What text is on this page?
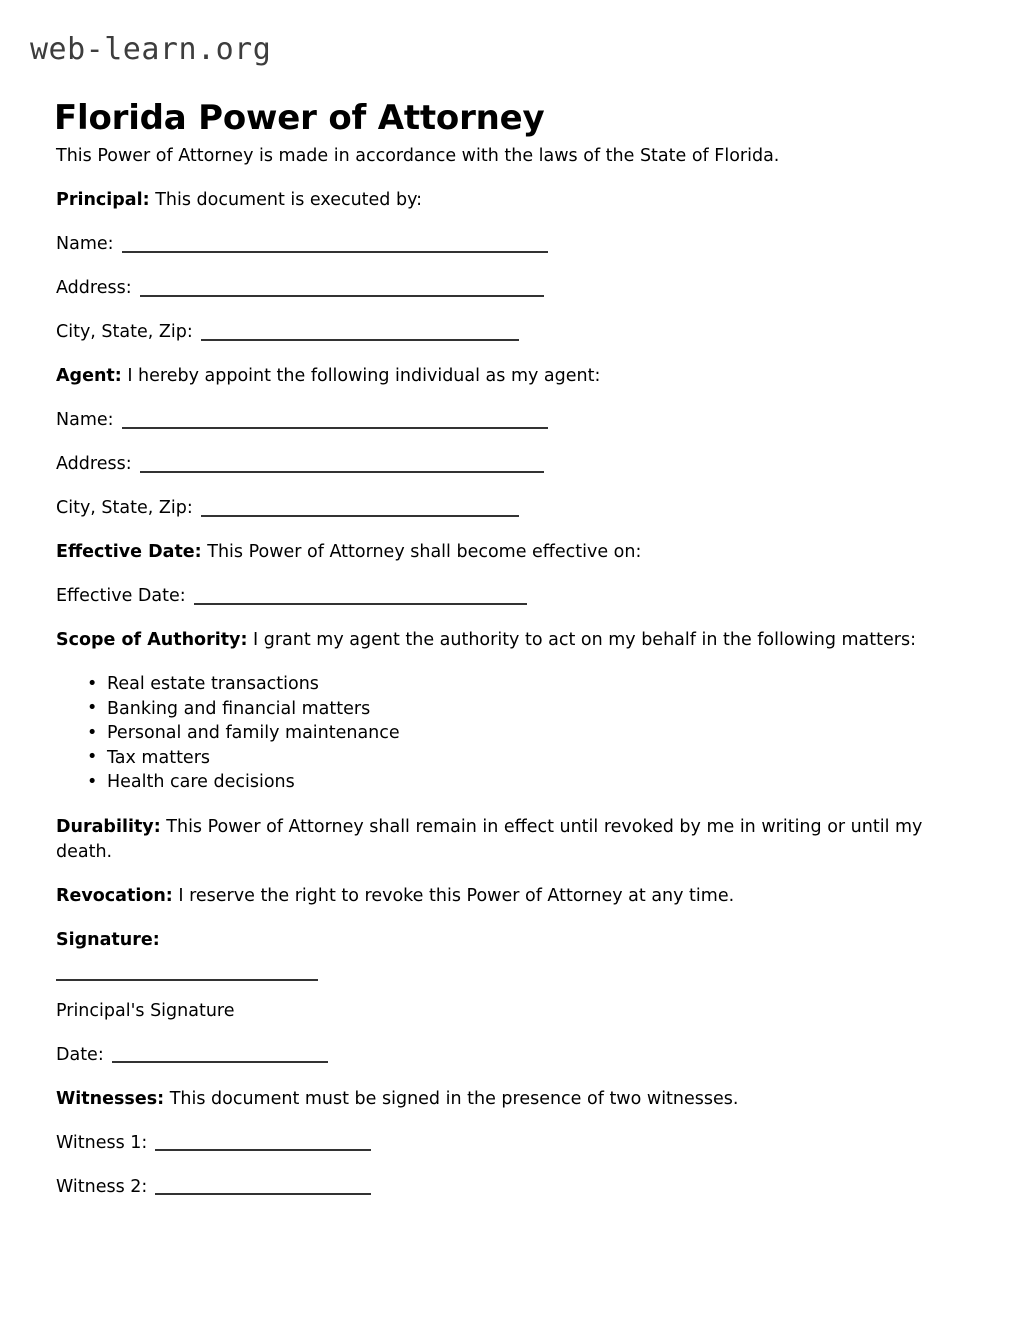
web-learn.org
Florida Power of Attorney

This Power of Attorney is made in accordance with the laws of the State of Florida.

Principal: This document is executed by:

Name:
Address:
City, State, Zip:

Agent: I hereby appoint the following individual as my agent:

Name:
Address:
City, State, Zip:

Effective Date: This Power of Attorney shall become effective on:

Effective Date:

Scope of Authority: I grant my agent the authority to act on my behalf in the following matters:

• Real estate transactions
• Banking and financial matters
• Personal and family maintenance
• Tax matters
• Health care decisions

Durability: This Power of Attorney shall remain in effect until revoked by me in writing or until my death.

Revocation: I reserve the right to revoke this Power of Attorney at any time.

Signature:

Principal's Signature

Date:

Witnesses: This document must be signed in the presence of two witnesses.

Witness 1:
Witness 2:
